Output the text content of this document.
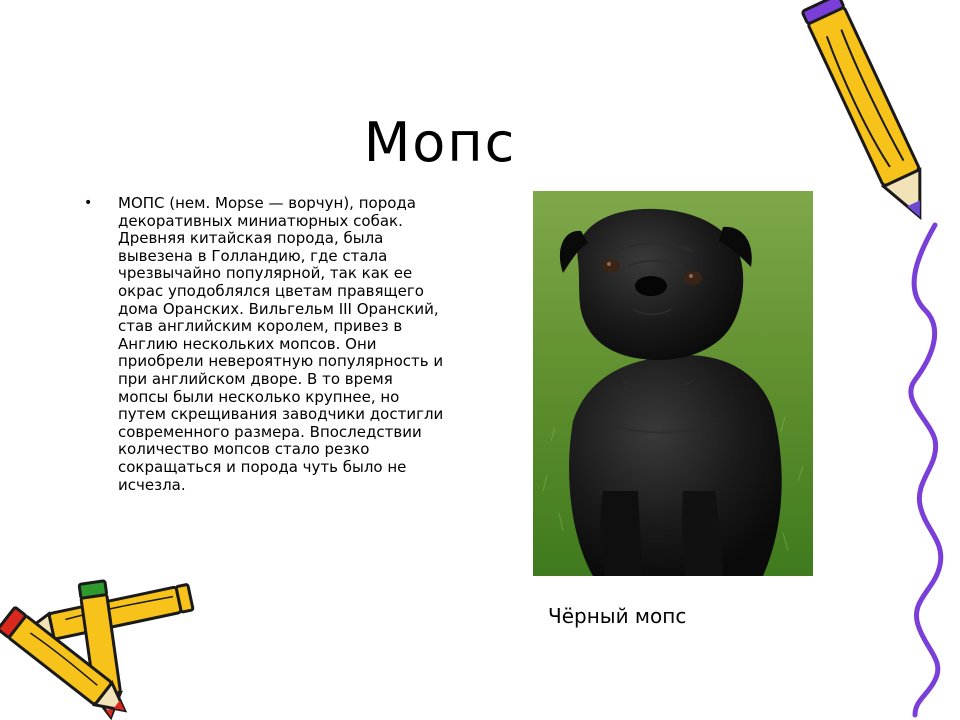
Мопс
• МОПС (нем. Mopse — ворчун), порода декоративных миниатюрных собак. Древняя китайская порода, была вывезена в Голландию, где стала чрезвычайно популярной, так как ее окрас уподоблялся цветам правящего дома Оранских. Вильгельм III Оранский, став английским королем, привез в Англию нескольких мопсов. Они приобрели невероятную популярность и при английском дворе. В то время мопсы были несколько крупнее, но путем скрещивания заводчики достигли современного размера. Впоследствии количество мопсов стало резко сокращаться и порода чуть было не исчезла.

Чёрный мопс
